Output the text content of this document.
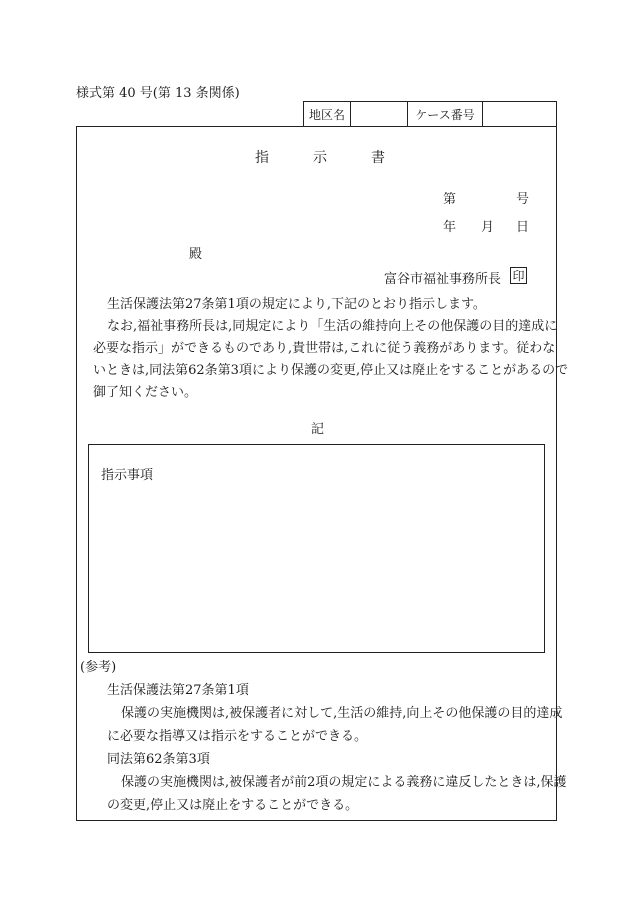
様式第 40 号(第 13 条関係)
地区名	ケース番号
指	示	書
第	号
年 月 日
殿
富谷市福祉事務所長 印
生活保護法第27条第1項の規定により,下記のとおり指示します。
なお,福祉事務所長は,同規定により「生活の維持向上その他保護の目的達成に
必要な指示」ができるものであり,貴世帯は,これに従う義務があります。従わな
いときは,同法第62条第3項により保護の変更,停止又は廃止をすることがあるので
御了知ください。
記
指示事項
(参考)
生活保護法第27条第1項
保護の実施機関は,被保護者に対して,生活の維持,向上その他保護の目的達成
に必要な指導又は指示をすることができる。
同法第62条第3項
保護の実施機関は,被保護者が前2項の規定による義務に違反したときは,保護
の変更,停止又は廃止をすることができる。
